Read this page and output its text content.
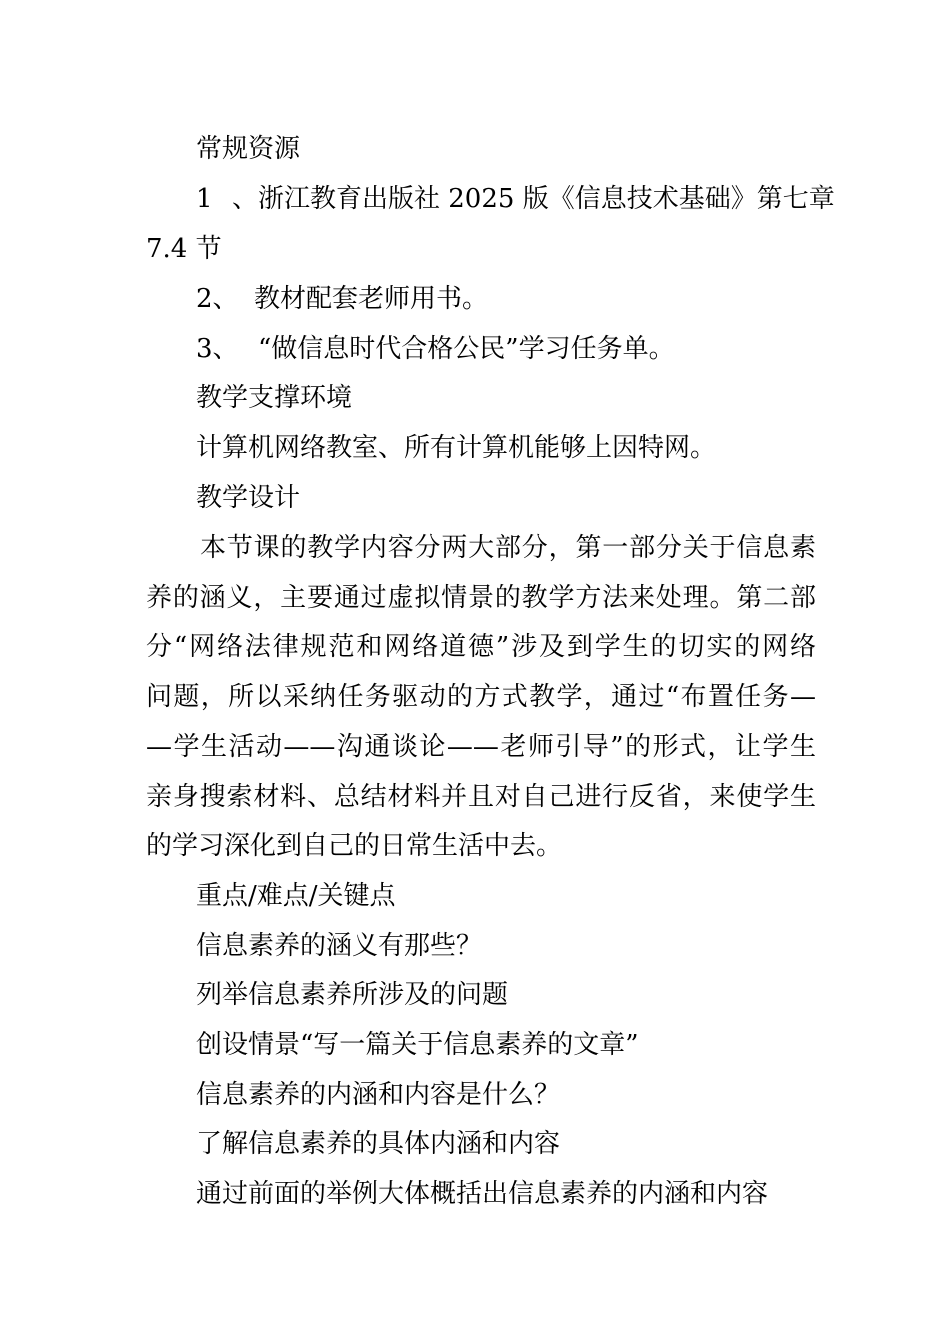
常规资源
1、浙江教育出版社 2025 版《信息技术基础》第七章
7.4 节
2、 教材配套老师用书。
3、 “做信息时代合格公民”学习任务单。
教学支撑环境
计算机网络教室、所有计算机能够上因特网。
教学设计
本节课的教学内容分两大部分，第一部分关于信息素
养的涵义，主要通过虚拟情景的教学方法来处理。第二部
分“网络法律规范和网络道德”涉及到学生的切实的网络
问题，所以采纳任务驱动的方式教学，通过“布置任务—
—学生活动——沟通谈论——老师引导”的形式，让学生
亲身搜索材料、总结材料并且对自己进行反省，来使学生
的学习深化到自己的日常生活中去。
重点/难点/关键点
信息素养的涵义有那些？
列举信息素养所涉及的问题
创设情景“写一篇关于信息素养的文章”
信息素养的内涵和内容是什么？
了解信息素养的具体内涵和内容
通过前面的举例大体概括出信息素养的内涵和内容
